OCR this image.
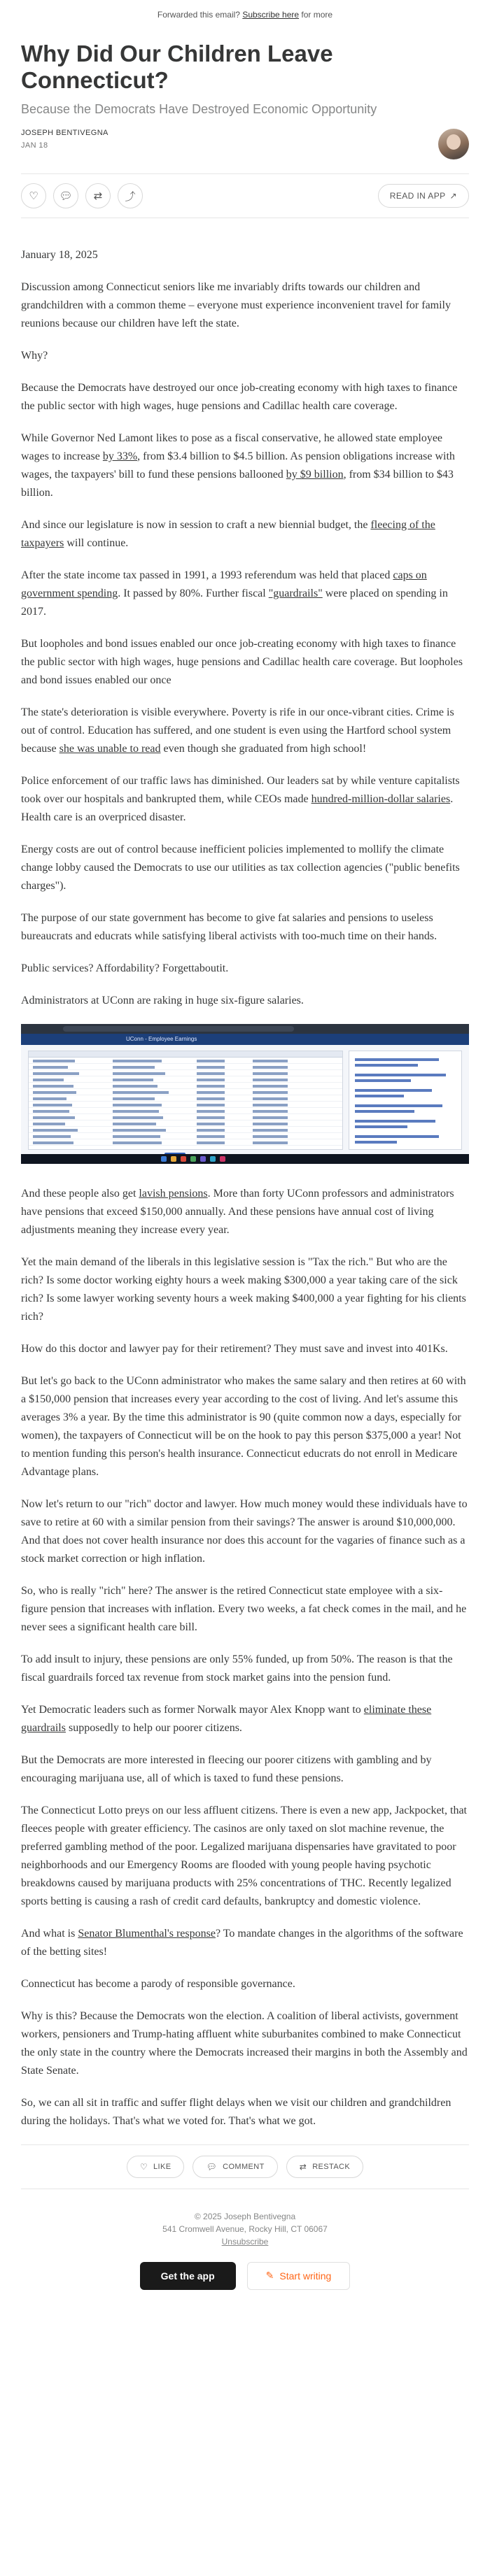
Forwarded this email? Subscribe here for more
Why Did Our Children Leave Connecticut?
Because the Democrats Have Destroyed Economic Opportunity
JOSEPH BENTIVEGNA
JAN 18
♡	💬︎	⇄	⤴	READ IN APP ↗

January 18, 2025

Discussion among Connecticut seniors like me invariably drifts towards our children and grandchildren with a common theme – everyone must experience inconvenient travel for family reunions because our children have left the state.

Why?

Because the Democrats have destroyed our once job-creating economy with high taxes to finance the public sector with high wages, huge pensions and Cadillac health care coverage.

While Governor Ned Lamont likes to pose as a fiscal conservative, he allowed state employee wages to increase by 33%, from $3.4 billion to $4.5 billion. As pension obligations increase with wages, the taxpayers' bill to fund these pensions ballooned by $9 billion, from $34 billion to $43 billion.

And since our legislature is now in session to craft a new biennial budget, the fleecing of the taxpayers will continue.

After the state income tax passed in 1991, a 1993 referendum was held that placed caps on government spending. It passed by 80%. Further fiscal "guardrails" were placed on spending in 2017.

But loopholes and bond issues enabled our once job-creating economy with high taxes to finance the public sector with high wages, huge pensions and Cadillac health care coverage. But loopholes and bond issues enabled our once

The state's deterioration is visible everywhere. Poverty is rife in our once-vibrant cities. Crime is out of control. Education has suffered, and one student is even using the Hartford school system because she was unable to read even though she graduated from high school!

Police enforcement of our traffic laws has diminished. Our leaders sat by while venture capitalists took over our hospitals and bankrupted them, while CEOs made hundred-million-dollar salaries. Health care is an overpriced disaster.

Energy costs are out of control because inefficient policies implemented to mollify the climate change lobby caused the Democrats to use our utilities as tax collection agencies ("public benefits charges").

The purpose of our state government has become to give fat salaries and pensions to useless bureaucrats and educrats while satisfying liberal activists with too-much time on their hands.

Public services? Affordability? Forgettaboutit.

Administrators at UConn are raking in huge six-figure salaries.

UConn - Employee Earnings

And these people also get lavish pensions. More than forty UConn professors and administrators have pensions that exceed $150,000 annually. And these pensions have annual cost of living adjustments meaning they increase every year.

Yet the main demand of the liberals in this legislative session is "Tax the rich." But who are the rich? Is some doctor working eighty hours a week making $300,000 a year taking care of the sick rich? Is some lawyer working seventy hours a week making $400,000 a year fighting for his clients rich?

How do this doctor and lawyer pay for their retirement? They must save and invest into 401Ks.

But let's go back to the UConn administrator who makes the same salary and then retires at 60 with a $150,000 pension that increases every year according to the cost of living. And let's assume this averages 3% a year. By the time this administrator is 90 (quite common now a days, especially for women), the taxpayers of Connecticut will be on the hook to pay this person $375,000 a year! Not to mention funding this person's health insurance. Connecticut educrats do not enroll in Medicare Advantage plans.

Now let's return to our "rich" doctor and lawyer. How much money would these individuals have to save to retire at 60 with a similar pension from their savings? The answer is around $10,000,000. And that does not cover health insurance nor does this account for the vagaries of finance such as a stock market correction or high inflation.

So, who is really "rich" here? The answer is the retired Connecticut state employee with a six-figure pension that increases with inflation. Every two weeks, a fat check comes in the mail, and he never sees a significant health care bill.

To add insult to injury, these pensions are only 55% funded, up from 50%. The reason is that the fiscal guardrails forced tax revenue from stock market gains into the pension fund.

Yet Democratic leaders such as former Norwalk mayor Alex Knopp want to eliminate these guardrails supposedly to help our poorer citizens.

But the Democrats are more interested in fleecing our poorer citizens with gambling and by encouraging marijuana use, all of which is taxed to fund these pensions.

The Connecticut Lotto preys on our less affluent citizens. There is even a new app, Jackpocket, that fleeces people with greater efficiency. The casinos are only taxed on slot machine revenue, the preferred gambling method of the poor. Legalized marijuana dispensaries have gravitated to poor neighborhoods and our Emergency Rooms are flooded with young people having psychotic breakdowns caused by marijuana products with 25% concentrations of THC. Recently legalized sports betting is causing a rash of credit card defaults, bankruptcy and domestic violence.

And what is Senator Blumenthal's response? To mandate changes in the algorithms of the software of the betting sites!

Connecticut has become a parody of responsible governance.

Why is this? Because the Democrats won the election. A coalition of liberal activists, government workers, pensioners and Trump-hating affluent white suburbanites combined to make Connecticut the only state in the country where the Democrats increased their margins in both the Assembly and State Senate.

So, we can all sit in traffic and suffer flight delays when we visit our children and grandchildren during the holidays. That's what we voted for. That's what we got.

♡ LIKE	💬︎ COMMENT	⇄ RESTACK
© 2025 Joseph Bentivegna
541 Cromwell Avenue, Rocky Hill, CT 06067
Unsubscribe
Get the app	✎ Start writing
